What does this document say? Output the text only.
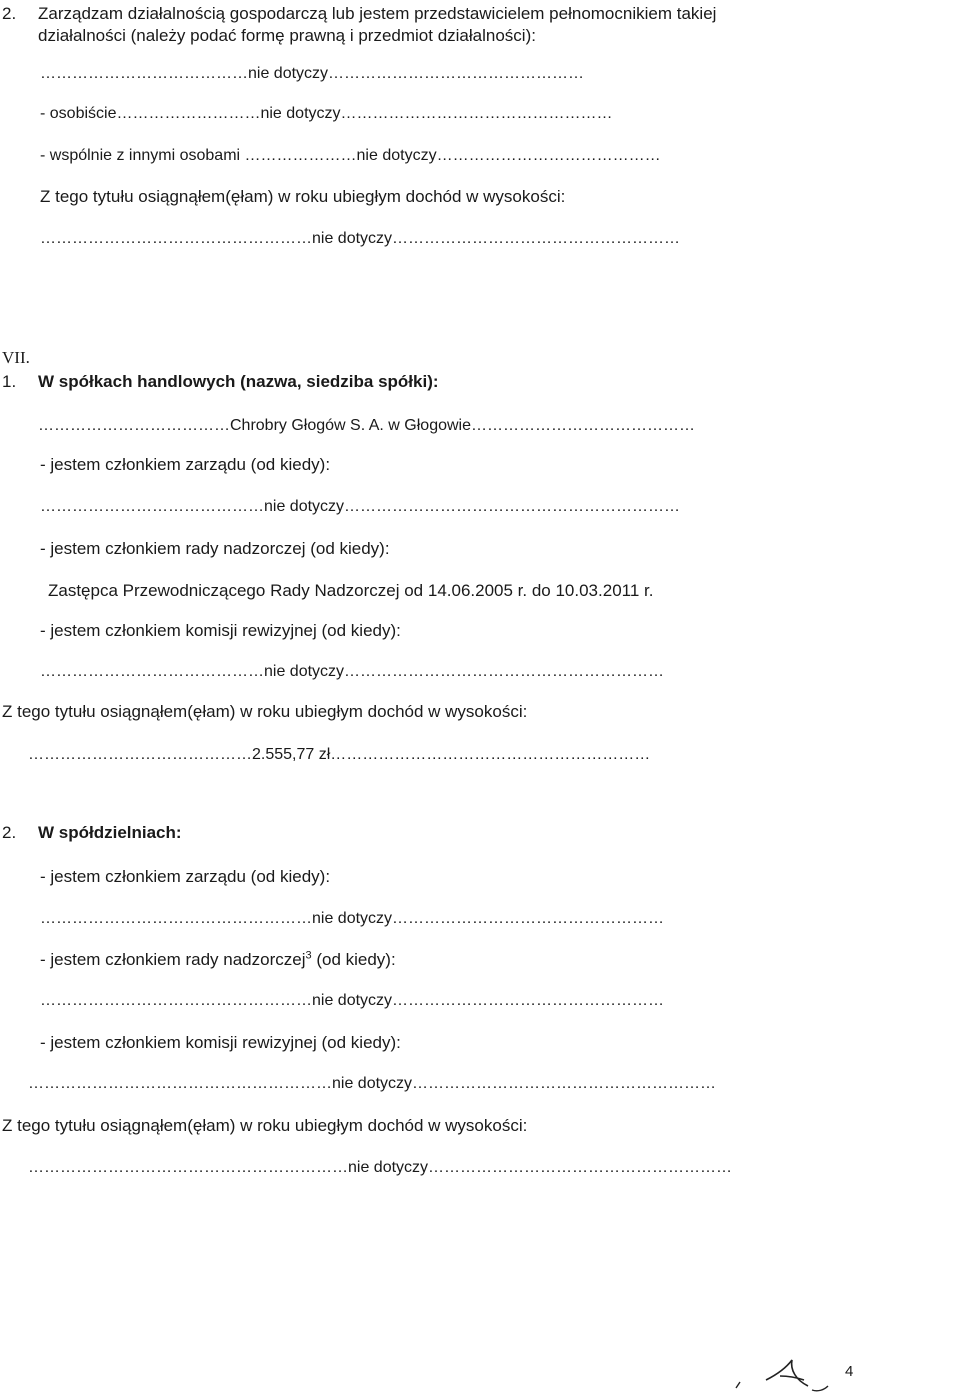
2. Zarządzam działalnością gospodarczą lub jestem przedstawicielem pełnomocnikiem takiej
działalności (należy podać formę prawną i przedmiot działalności):
…………………………………nie dotyczy…………………………………………
- osobiście………………………nie dotyczy……………………………………………
- wspólnie z innymi osobami …………………nie dotyczy……………………………………
Z tego tytułu osiągnąłem(ęłam) w roku ubiegłym dochód w wysokości:
……………………………………………nie dotyczy………………………………………………
VII.
1. W spółkach handlowych (nazwa, siedziba spółki):
………………………………Chrobry Głogów S. A. w Głogowie……………………………………
- jestem członkiem zarządu (od kiedy):
……………………………………nie dotyczy………………………………………………………
- jestem członkiem rady nadzorczej (od kiedy):
Zastępca Przewodniczącego Rady Nadzorczej od 14.06.2005 r. do 10.03.2011 r.
- jestem członkiem komisji rewizyjnej (od kiedy):
……………………………………nie dotyczy……………………………………………………
Z tego tytułu osiągnąłem(ęłam) w roku ubiegłym dochód w wysokości:
……………………………………2.555,77 zł……………………………………………………
2. W spółdzielniach:
- jestem członkiem zarządu (od kiedy):
……………………………………………nie dotyczy……………………………………………
- jestem członkiem rady nadzorczej$^3$ (od kiedy):
……………………………………………nie dotyczy……………………………………………
- jestem członkiem komisji rewizyjnej (od kiedy):
…………………………………………………nie dotyczy…………………………………………………
Z tego tytułu osiągnąłem(ęłam) w roku ubiegłym dochód w wysokości:
……………………………………………………nie dotyczy…………………………………………………
4
